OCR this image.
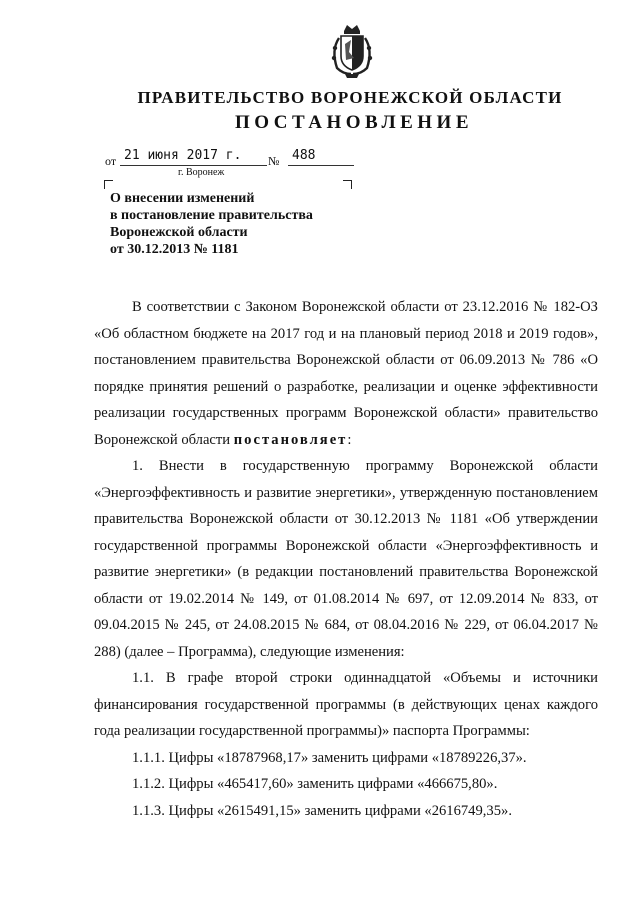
ПРАВИТЕЛЬСТВО ВОРОНЕЖСКОЙ ОБЛАСТИ
ПОСТАНОВЛЕНИЕ
от 21 июня 2017 г.	№ 488
г. Воронеж
О внесении изменений
в постановление правительства
Воронежской области
от 30.12.2013 № 1181

В соответствии с Законом Воронежской области от 23.12.2016 № 182-ОЗ «Об областном бюджете на 2017 год и на плановый период 2018 и 2019 годов», постановлением правительства Воронежской области от 06.09.2013 № 786 «О порядке принятия решений о разработке, реализации и оценке эффективности реализации государственных программ Воронежской области» правительство Воронежской области постановляет:

1. Внести в государственную программу Воронежской области «Энергоэффективность и развитие энергетики», утвержденную постановлением правительства Воронежской области от 30.12.2013 № 1181 «Об утверждении государственной программы Воронежской области «Энергоэффективность и развитие энергетики» (в редакции постановлений правительства Воронежской области от 19.02.2014 № 149, от 01.08.2014 № 697, от 12.09.2014 № 833, от 09.04.2015 № 245, от 24.08.2015 № 684, от 08.04.2016 № 229, от 06.04.2017 № 288) (далее – Программа), следующие изменения:

1.1. В графе второй строки одиннадцатой «Объемы и источники финансирования государственной программы (в действующих ценах каждого года реализации государственной программы)» паспорта Программы:

1.1.1. Цифры «18787968,17» заменить цифрами «18789226,37».

1.1.2. Цифры «465417,60» заменить цифрами «466675,80».

1.1.3. Цифры «2615491,15» заменить цифрами «2616749,35».
